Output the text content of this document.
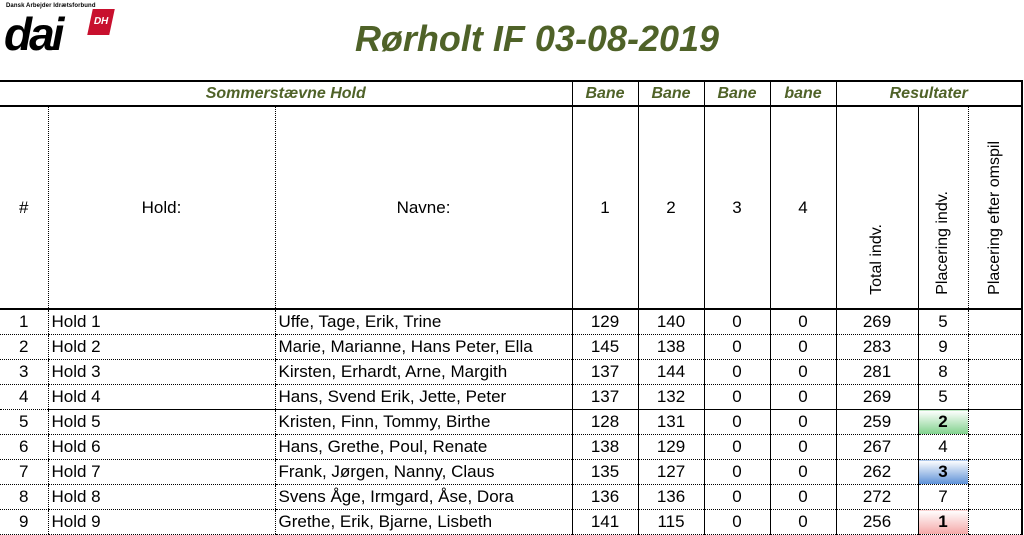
Dansk Arbejder Idrætsforbund
dai	DH	Rørholt IF 03-08-2019
Sommerstævne Hold			Bane	Bane	Bane	bane	Resultater		
#	Hold:	Navne:	1	2	3	4	Total indv.	Placering indv.	Placering efter omspil
1	Hold 1	Uffe, Tage, Erik, Trine	129	140	0	0	269	5	
2	Hold 2	Marie, Marianne, Hans Peter, Ella	145	138	0	0	283	9	
3	Hold 3	Kirsten, Erhardt, Arne, Margith	137	144	0	0	281	8	
4	Hold 4	Hans, Svend Erik, Jette, Peter	137	132	0	0	269	5	
5	Hold 5	Kristen, Finn, Tommy, Birthe	128	131	0	0	259	2	
6	Hold 6	Hans, Grethe, Poul, Renate	138	129	0	0	267	4	
7	Hold 7	Frank, Jørgen, Nanny, Claus	135	127	0	0	262	3	
8	Hold 8	Svens Åge, Irmgard, Åse, Dora	136	136	0	0	272	7	
9	Hold 9	Grethe, Erik, Bjarne, Lisbeth	141	115	0	0	256	1	
